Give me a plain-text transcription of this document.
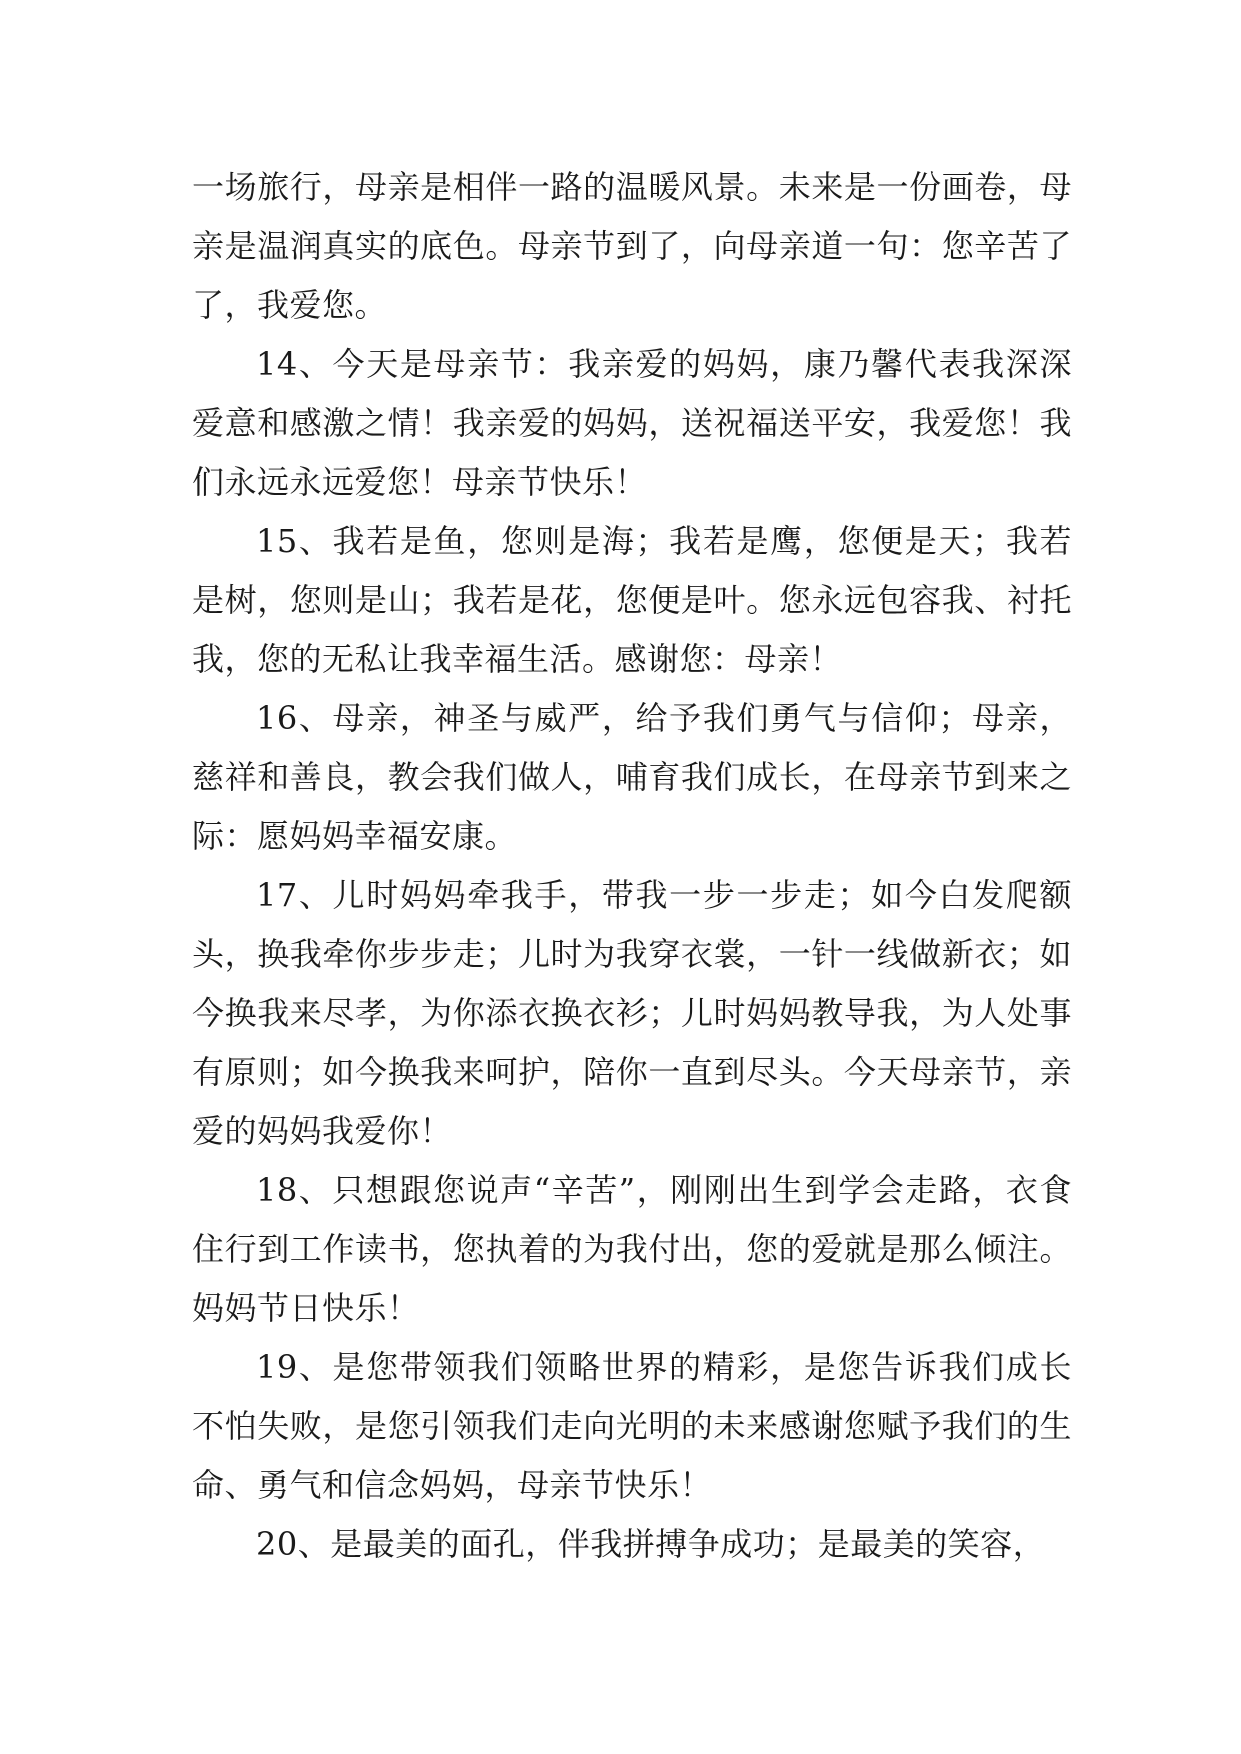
一场旅行，母亲是相伴一路的温暖风景。未来是一份画卷，母亲是温润真实的底色。母亲节到了，向母亲道一句：您辛苦了了，我爱您。

14、今天是母亲节：我亲爱的妈妈，康乃馨代表我深深爱意和感激之情！我亲爱的妈妈，送祝福送平安，我爱您！我们永远永远爱您！母亲节快乐！

15、我若是鱼，您则是海；我若是鹰，您便是天；我若是树，您则是山；我若是花，您便是叶。您永远包容我、衬托我，您的无私让我幸福生活。感谢您：母亲！

16、母亲，神圣与威严，给予我们勇气与信仰；母亲，慈祥和善良，教会我们做人，哺育我们成长，在母亲节到来之际：愿妈妈幸福安康。

17、儿时妈妈牵我手，带我一步一步走；如今白发爬额头，换我牵你步步走；儿时为我穿衣裳，一针一线做新衣；如今换我来尽孝，为你添衣换衣衫；儿时妈妈教导我，为人处事有原则；如今换我来呵护，陪你一直到尽头。今天母亲节，亲爱的妈妈我爱你！

18、只想跟您说声“辛苦”，刚刚出生到学会走路，衣食住行到工作读书，您执着的为我付出，您的爱就是那么倾注。妈妈节日快乐！

19、是您带领我们领略世界的精彩，是您告诉我们成长不怕失败，是您引领我们走向光明的未来感谢您赋予我们的生命、勇气和信念妈妈，母亲节快乐！

20、是最美的面孔，伴我拼搏争成功；是最美的笑容，
